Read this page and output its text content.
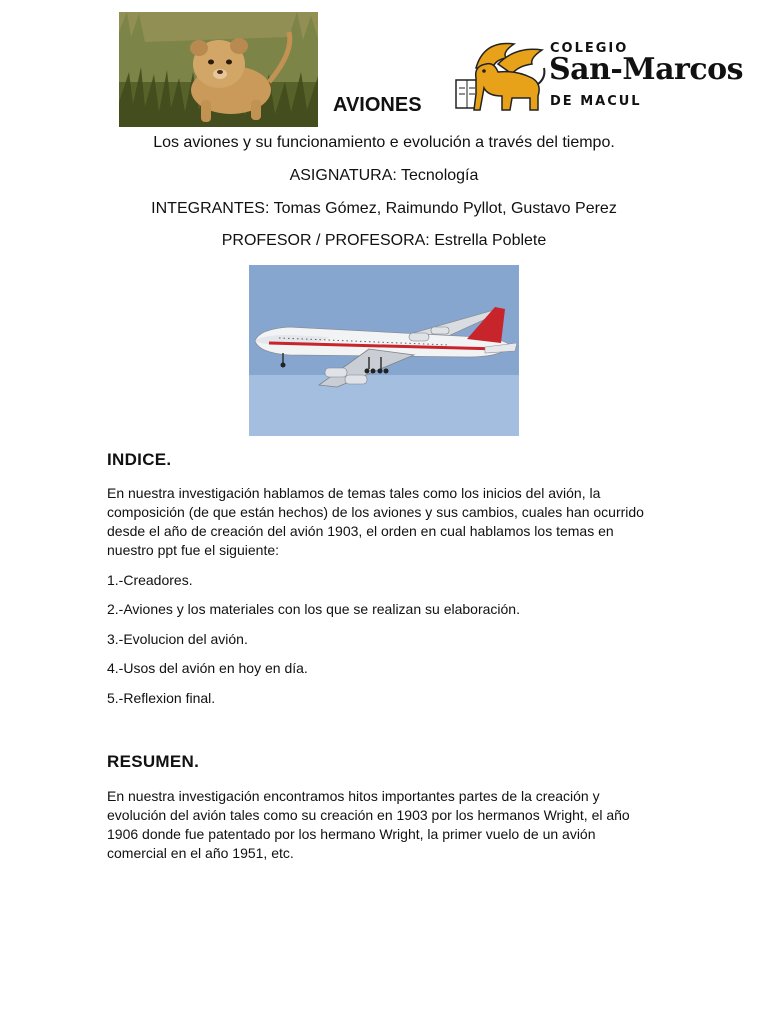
COLEGIO
San-Marcos
DE MACUL
AVIONES
Los aviones y su funcionamiento e evolución a través del tiempo.
ASIGNATURA: Tecnología
INTEGRANTES: Tomas Gómez, Raimundo Pyllot, Gustavo Perez
PROFESOR / PROFESORA: Estrella Poblete
INDICE.
En nuestra investigación hablamos de temas tales como los inicios del avión, la composición (de que están hechos) de los aviones y sus cambios, cuales han ocurrido desde el año de creación del avión 1903, el orden en cual hablamos los temas en nuestro ppt fue el siguiente:
1.-Creadores.
2.-Aviones y los materiales con los que se realizan su elaboración.
3.-Evolucion del avión.
4.-Usos del avión en hoy en día.
5.-Reflexion final.
RESUMEN.
En nuestra investigación encontramos hitos importantes partes de la creación y evolución del avión tales como su creación en 1903 por los hermanos Wright, el año 1906 donde fue patentado por los hermano Wright, la primer vuelo de un avión comercial en el año 1951, etc.
